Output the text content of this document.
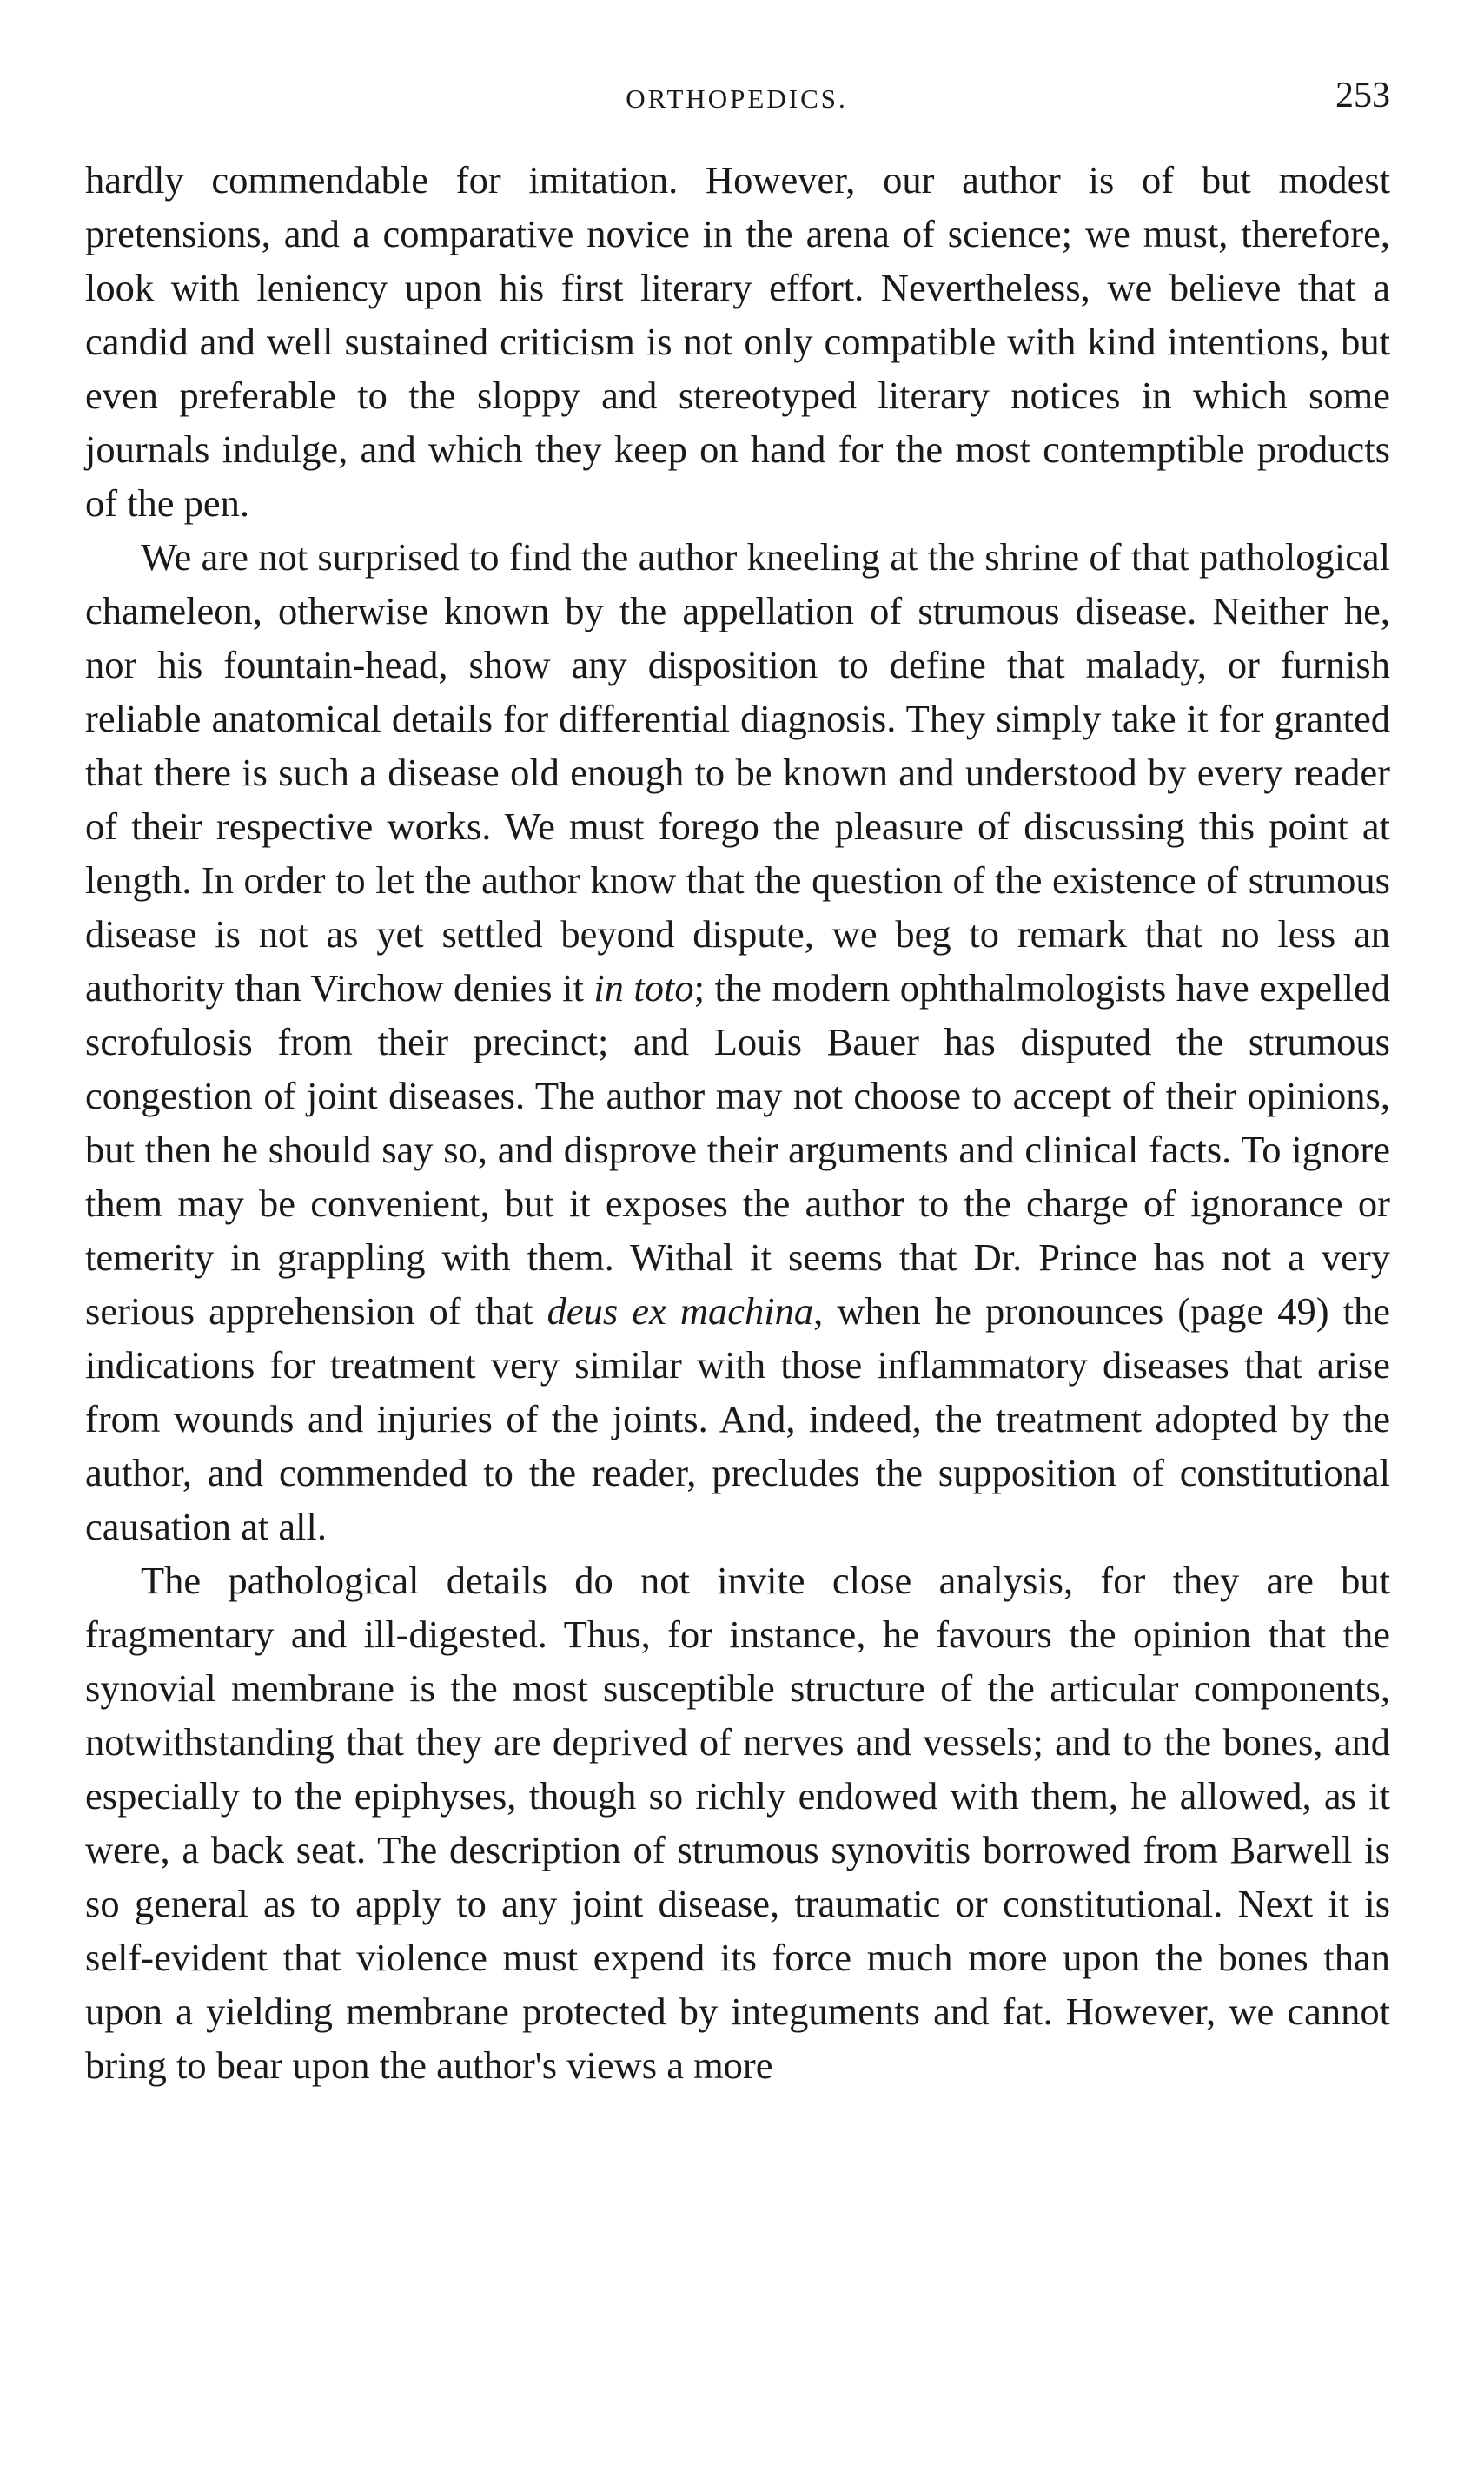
ORTHOPEDICS.	253

hardly commendable for imitation. However, our author is of but modest pretensions, and a comparative novice in the arena of science; we must, therefore, look with leniency upon his first literary effort. Nevertheless, we believe that a candid and well sustained criticism is not only compatible with kind intentions, but even preferable to the sloppy and stereotyped literary notices in which some journals indulge, and which they keep on hand for the most contemptible products of the pen.

We are not surprised to find the author kneeling at the shrine of that pathological chameleon, otherwise known by the appellation of strumous disease. Neither he, nor his fountain-head, show any disposition to define that malady, or furnish reliable anatomical details for differential diagnosis. They simply take it for granted that there is such a disease old enough to be known and understood by every reader of their respective works. We must forego the pleasure of discussing this point at length. In order to let the author know that the question of the existence of strumous disease is not as yet settled beyond dispute, we beg to remark that no less an authority than Virchow denies it in toto; the modern ophthalmologists have expelled scrofulosis from their precinct; and Louis Bauer has disputed the strumous congestion of joint diseases. The author may not choose to accept of their opinions, but then he should say so, and disprove their arguments and clinical facts. To ignore them may be convenient, but it exposes the author to the charge of ignorance or temerity in grappling with them. Withal it seems that Dr. Prince has not a very serious apprehension of that deus ex machina, when he pronounces (page 49) the indications for treatment very similar with those inflammatory diseases that arise from wounds and injuries of the joints. And, indeed, the treatment adopted by the author, and commended to the reader, precludes the supposition of constitutional causation at all.

The pathological details do not invite close analysis, for they are but fragmentary and ill-digested. Thus, for instance, he favours the opinion that the synovial membrane is the most susceptible structure of the articular components, notwithstanding that they are deprived of nerves and vessels; and to the bones, and especially to the epiphyses, though so richly endowed with them, he allowed, as it were, a back seat. The description of strumous synovitis borrowed from Barwell is so general as to apply to any joint disease, traumatic or constitutional. Next it is self-evident that violence must expend its force much more upon the bones than upon a yielding membrane protected by integuments and fat. However, we cannot bring to bear upon the author's views a more
